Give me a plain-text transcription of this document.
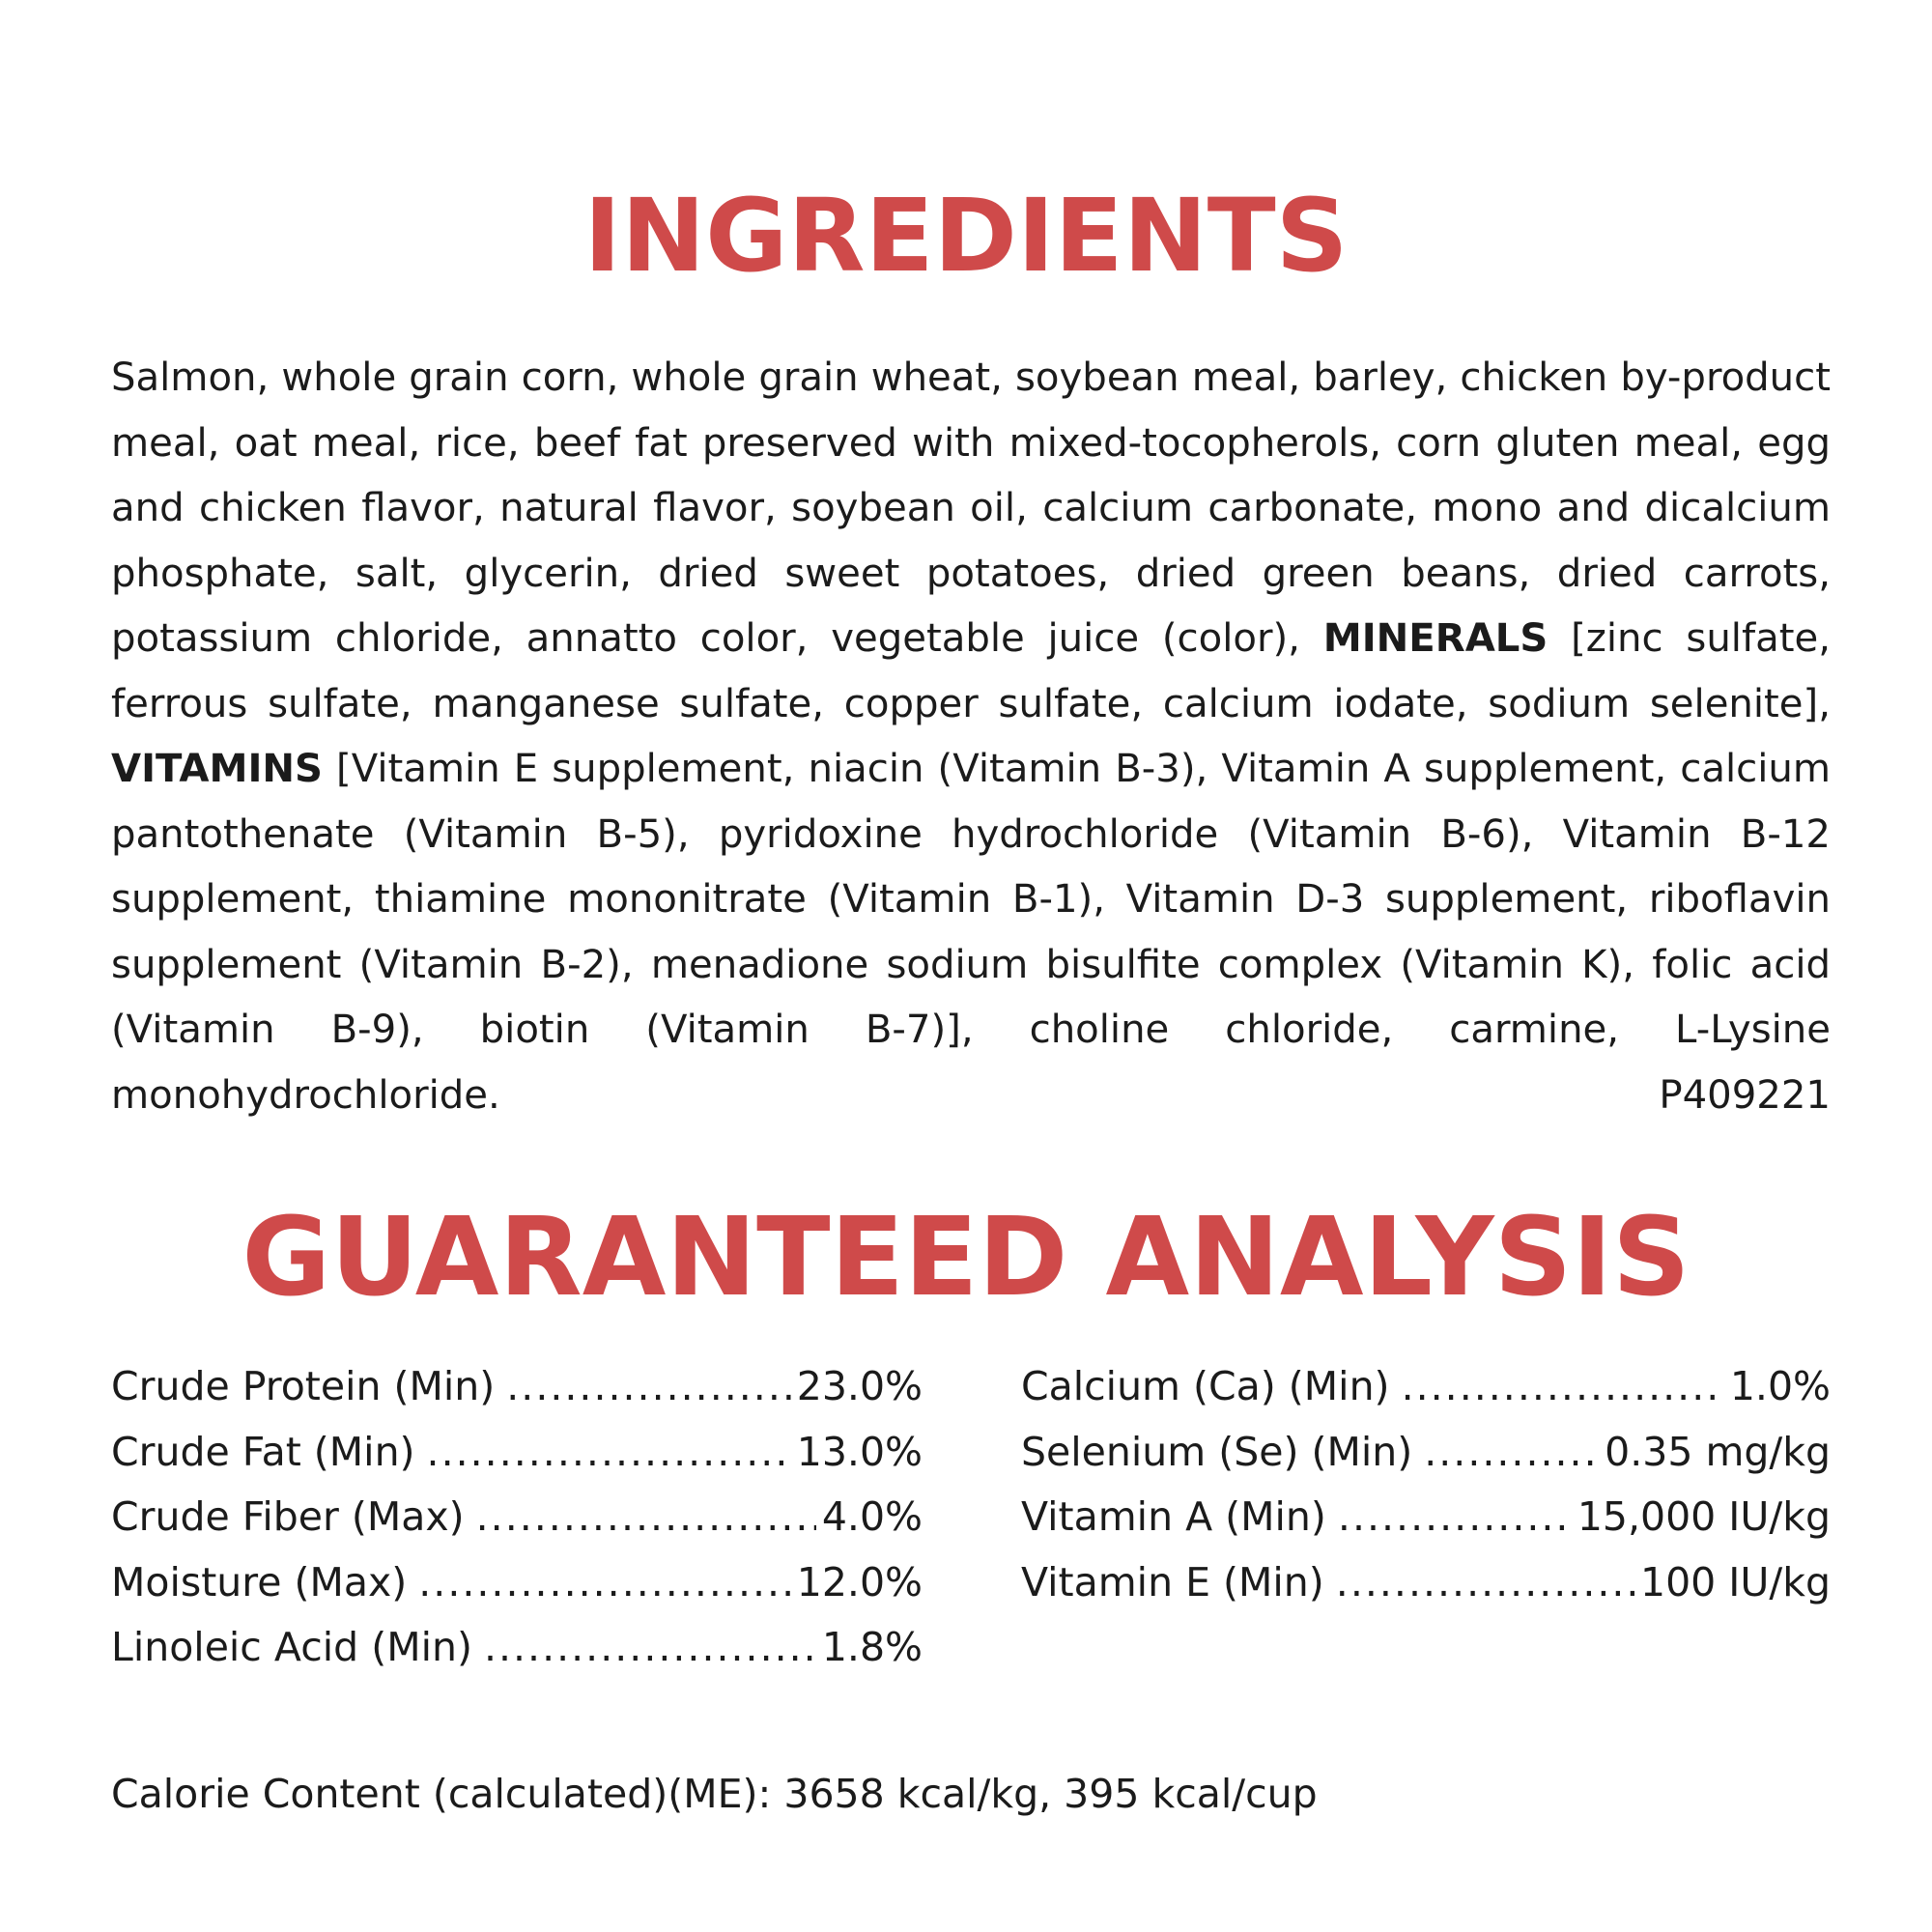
INGREDIENTS

Salmon, whole grain corn, whole grain wheat, soybean meal, barley, chicken by-product meal, oat meal, rice, beef fat preserved with mixed-tocopherols, corn gluten meal, egg and chicken flavor, natural flavor, soybean oil, calcium carbonate, mono and dicalcium phosphate, salt, glycerin, dried sweet potatoes, dried green beans, dried carrots, potassium chloride, annatto color, vegetable juice (color), MINERALS [zinc sulfate, ferrous sulfate, manganese sulfate, copper sulfate, calcium iodate, sodium selenite], VITAMINS [Vitamin E supplement, niacin (Vitamin B-3), Vitamin A supplement, calcium pantothenate (Vitamin B-5), pyridoxine hydrochloride (Vitamin B-6), Vitamin B-12 supplement, thiamine mononitrate (Vitamin B-1), Vitamin D-3 supplement, riboflavin supplement (Vitamin B-2), menadione sodium bisulfite complex (Vitamin K), folic acid (Vitamin B-9), biotin (Vitamin B-7)], choline chloride, carmine, L-Lysine monohydrochloride.	P409221

GUARANTEED ANALYSIS
Crude Protein (Min) .....	23.0%
Crude Fat (Min) .....	13.0%
Crude Fiber (Max) .....	4.0%
Moisture (Max) .....	12.0%
Linoleic Acid (Min) .....	1.8%
Calcium (Ca) (Min) .....	1.0%
Selenium (Se) (Min) .....	0.35 mg/kg
Vitamin A (Min) .....	15,000 IU/kg
Vitamin E (Min) .....	100 IU/kg

Calorie Content (calculated)(ME): 3658 kcal/kg, 395 kcal/cup
